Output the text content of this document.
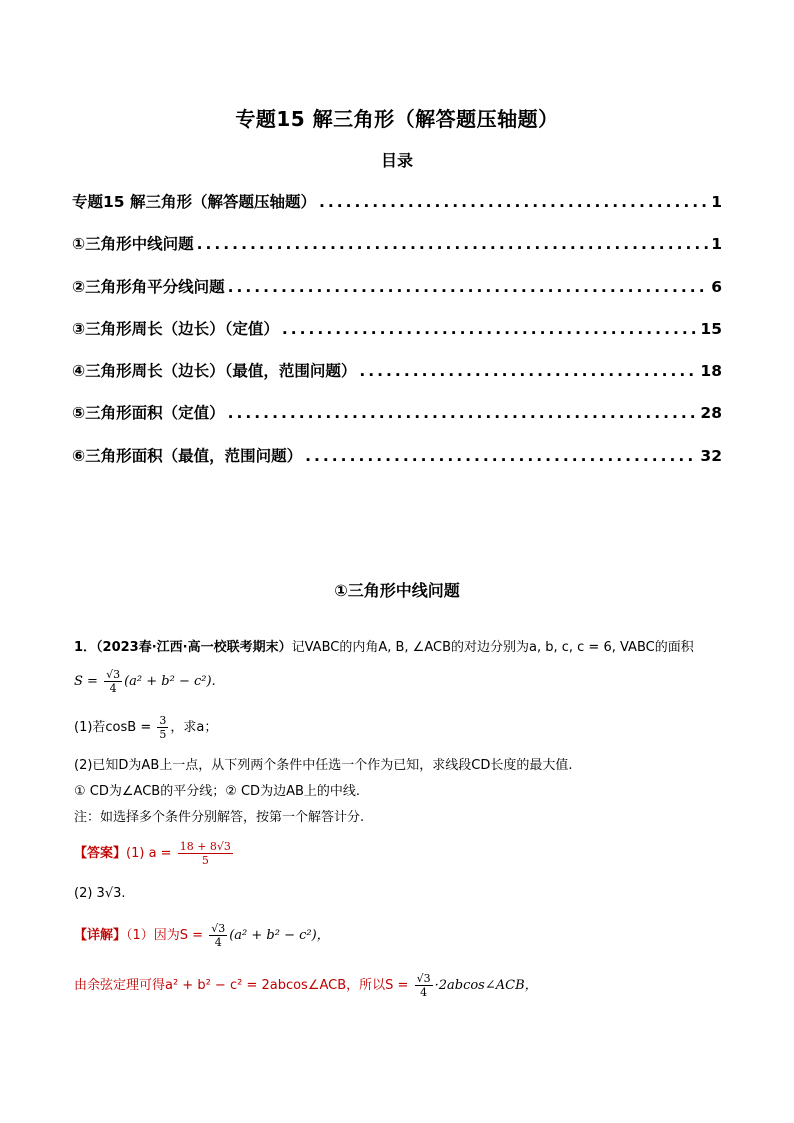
专题15 解三角形（解答题压轴题）
目录
专题15 解三角形（解答题压轴题） .....	1
①三角形中线问题 .....	1
②三角形角平分线问题 .....	6
③三角形周长（边长）（定值） .....	15
④三角形周长（边长）（最值，范围问题） .....	18
⑤三角形面积（定值） .....	28
⑥三角形面积（最值，范围问题） .....	32
①三角形中线问题
1．（2023春·江西·高一校联考期末）记VABC的内角A, B, ∠ACB的对边分别为a, b, c, c = 6, VABC的面积
$S = \frac{√3}{4} (a^2 + b^2 - c^2)$.
(1)若$\cos B = \frac{3}{5}$ ，求a；
(2)已知D为AB上一点，从下列两个条件中任选一个作为已知，求线段CD长度的最大值.
① CD为∠ACB的平分线；② CD为边AB上的中线.
注：如选择多个条件分别解答，按第一个解答计分.
【答案】(1) $a = \frac{18 + 8√3}{5}$
(2) 3√3.
【详解】（1）因为$S = \frac{√3}{4} (a^2 + b^2 - c^2)$，
由余弦定理可得a² + b² − c² = 2abcos∠ACB，所以$S = \frac{√3}{4}$ ·2abcos∠ACB，
